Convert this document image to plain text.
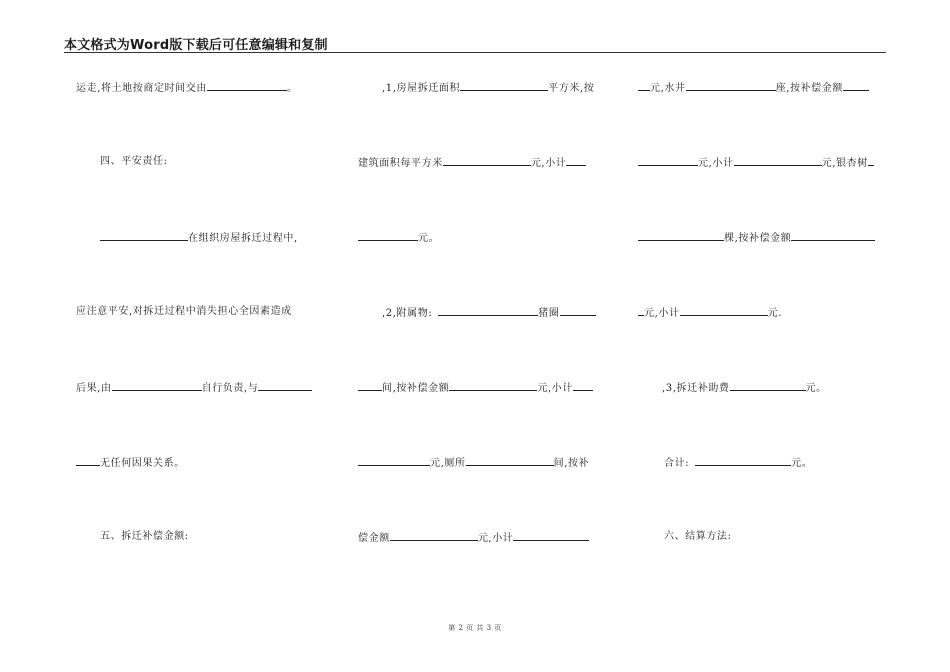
本文格式为Word版下载后可任意编辑和复制
运走,将土地按商定时间交由	。
四、平安责任:
在组织房屋拆迁过程中,
应注意平安,对拆迁过程中消失担心全因素造成
后果,由	自行负责,与
无任何因果关系。
五、拆迁补偿金额:
,1,房屋拆迁面积	平方米,按
建筑面积每平方米	元,小计
元。
,2,附属物:	猪圈
间,按补偿金额	元,小计
元,厕所	间,按补
偿金额	元,小计
元,水井	座,按补偿金额
元,小计	元,银杏树
棵,按补偿金额
元,小计	元.
,3,拆迁补助费	元。
合计:	元。
六、结算方法:
第 2 页 共 3 页
